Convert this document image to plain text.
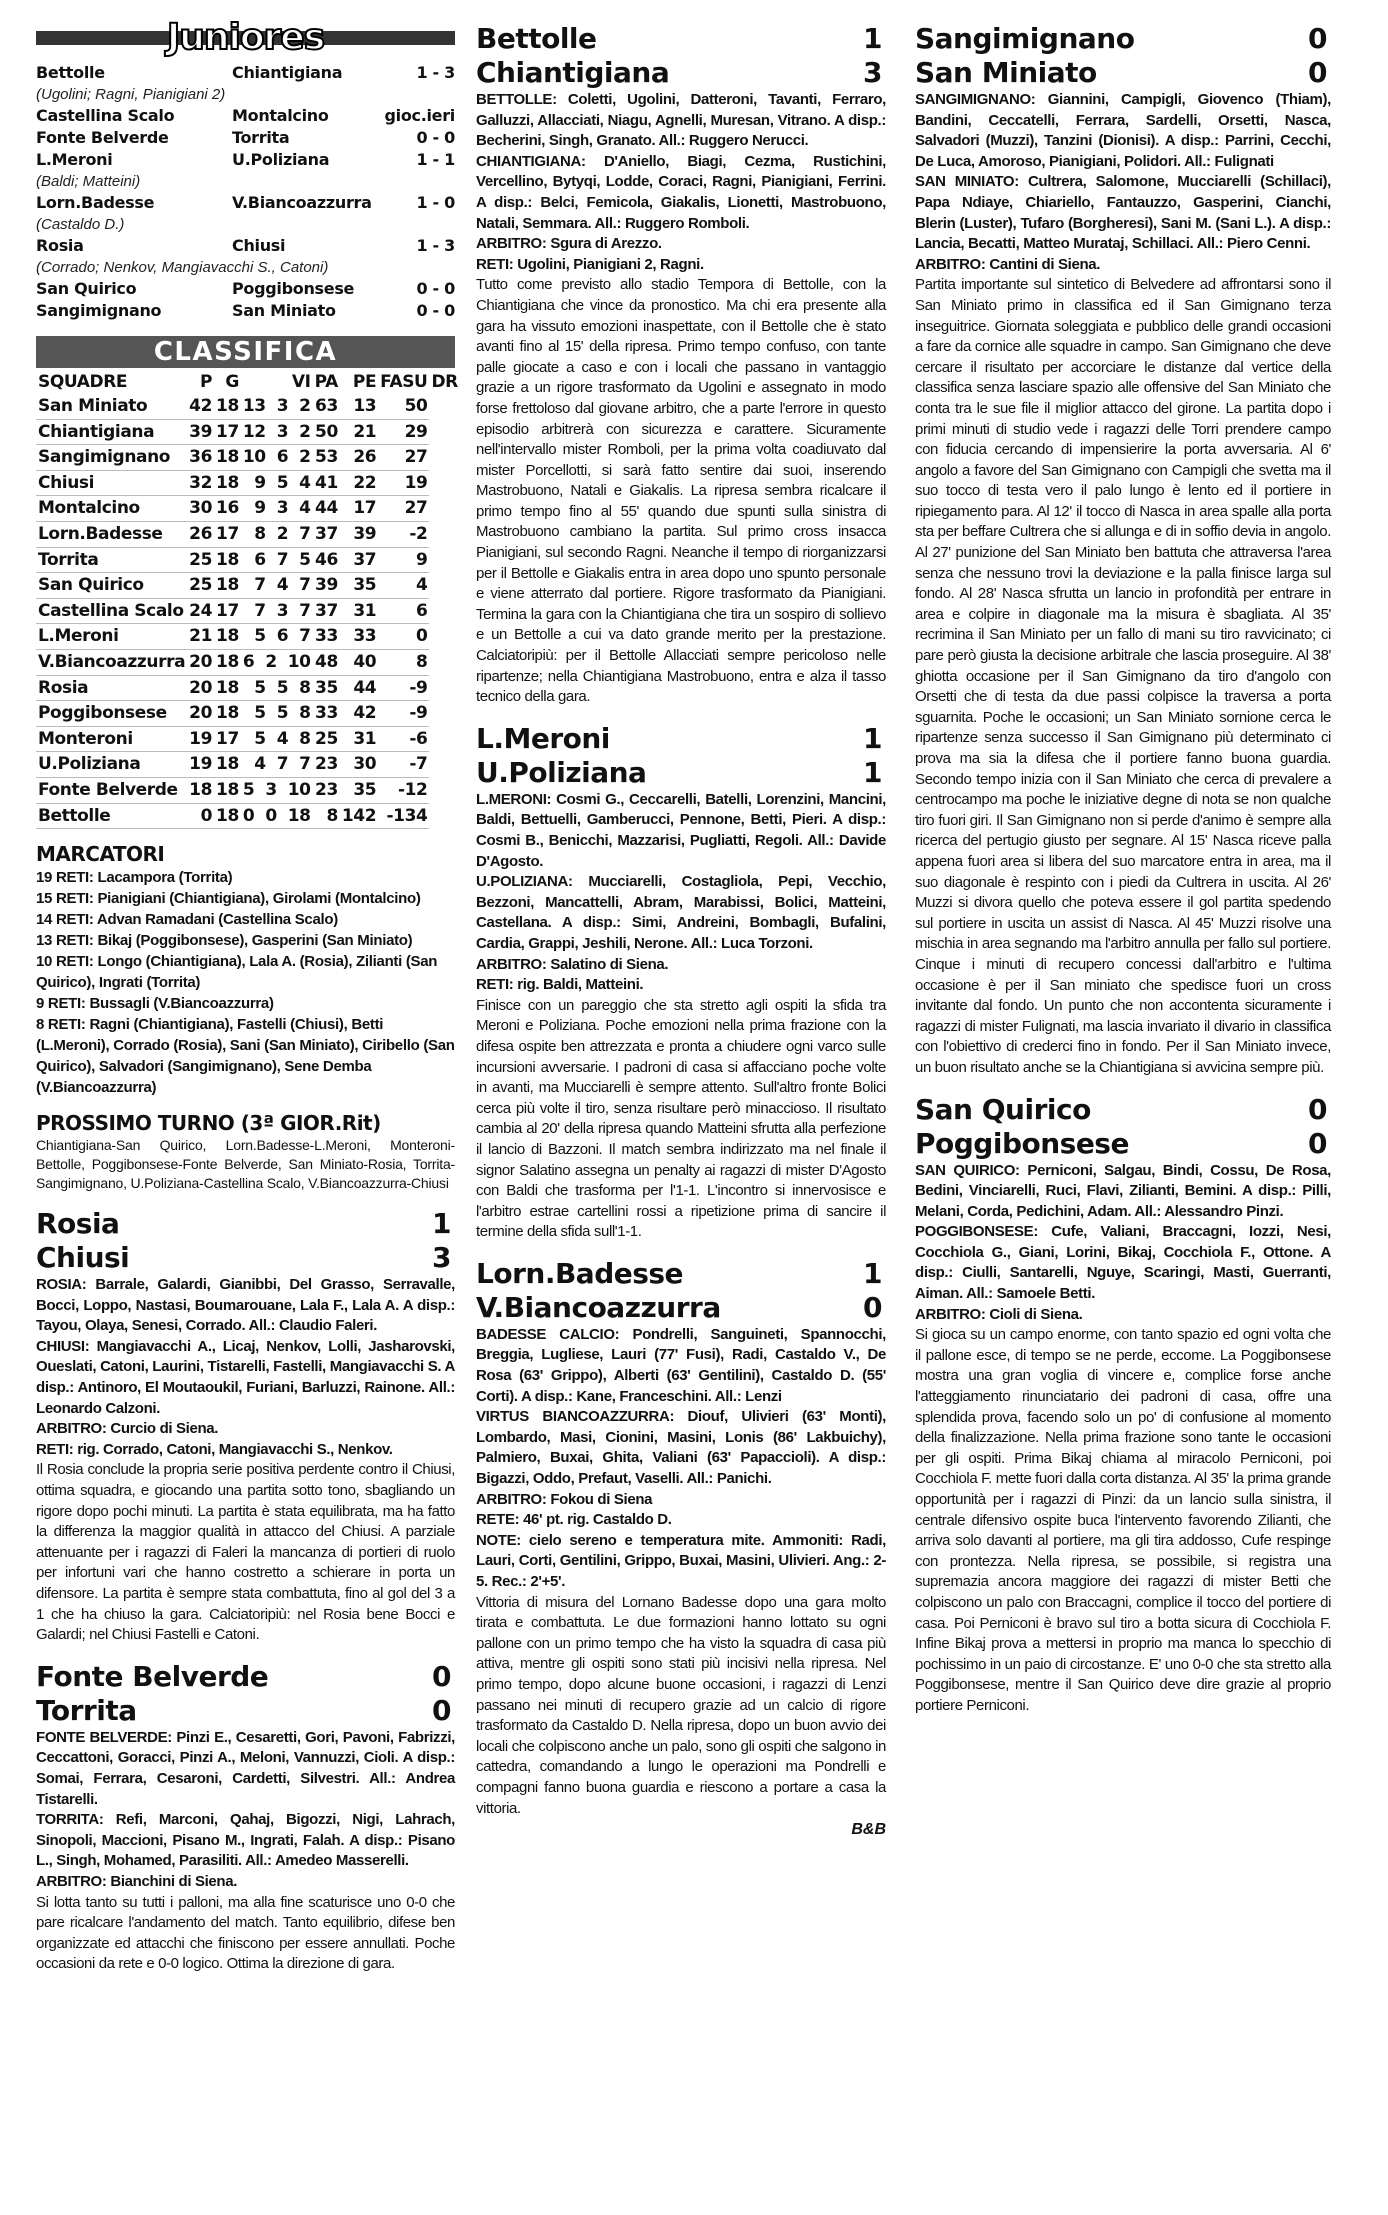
Juniores
Bettolle	Chiantigiana	1 - 3
(Ugolini; Ragni, Pianigiani 2)
Castellina Scalo	Montalcino	gioc.ieri
Fonte Belverde	Torrita	0 - 0
L.Meroni	U.Poliziana	1 - 1
(Baldi; Matteini)
Lorn.Badesse	V.Biancoazzurra	1 - 0
(Castaldo D.)
Rosia	Chiusi	1 - 3
(Corrado; Nenkov, Mangiavacchi S., Catoni)
San Quirico	Poggibonsese	0 - 0
Sangimignano	San Miniato	0 - 0
CLASSIFICA
SQUADRE	P	G	VI	PA	PE	FASU	DR
San Miniato	42	18	13 3 2	63	13	50	
Chiantigiana	39	17	12 3 2	50	21	29	
Sangimignano	36	18	10 6 2	53	26	27	
Chiusi	32	18	9 5 4	41	22	19	
Montalcino	30	16	9 3 4	44	17	27	
Lorn.Badesse	26	17	8 2 7	37	39	-2	
Torrita	25	18	6 7 5	46	37	9	
San Quirico	25	18	7 4 7	39	35	4	
Castellina Scalo	24	17	7 3 7	37	31	6	
L.Meroni	21	18	5 6 7	33	33	0	
V.Biancoazzurra	20	18	6 2 10	48	40	8	
Rosia	20	18	5 5 8	35	44	-9	
Poggibonsese	20	18	5 5 8	33	42	-9	
Monteroni	19	17	5 4 8	25	31	-6	
U.Poliziana	19	18	4 7 7	23	30	-7	
Fonte Belverde	18	18	5 3 10	23	35	-12	
Bettolle	0	18	0 0 18	8	142	-134	
MARCATORI
19 RETI: Lacampora (Torrita)
15 RETI: Pianigiani (Chiantigiana), Girolami (Montalcino)
14 RETI: Advan Ramadani (Castellina Scalo)
13 RETI: Bikaj (Poggibonsese), Gasperini (San Miniato)
10 RETI: Longo (Chiantigiana), Lala A. (Rosia), Zilianti (San Quirico), Ingrati (Torrita)
9 RETI: Bussagli (V.Biancoazzurra)
8 RETI: Ragni (Chiantigiana), Fastelli (Chiusi), Betti (L.Meroni), Corrado (Rosia), Sani (San Miniato), Ciribello (San Quirico), Salvadori (Sangimignano), Sene Demba (V.Biancoazzurra)
PROSSIMO TURNO (3ª GIOR.Rit)
Chiantigiana-San Quirico, Lorn.Badesse-L.Meroni, Monteroni-Bettolle, Poggibonsese-Fonte Belverde, San Miniato-Rosia, Torrita-Sangimignano, U.Poliziana-Castellina Scalo, V.Biancoazzurra-Chiusi
Rosia	1
Chiusi	3
ROSIA: Barrale, Galardi, Gianibbi, Del Grasso, Serravalle, Bocci, Loppo, Nastasi, Boumarouane, Lala F., Lala A. A disp.: Tayou, Olaya, Senesi, Corrado. All.: Claudio Faleri.
CHIUSI: Mangiavacchi A., Licaj, Nenkov, Lolli, Jasharovski, Oueslati, Catoni, Laurini, Tistarelli, Fastelli, Mangiavacchi S. A disp.: Antinoro, El Moutaoukil, Furiani, Barluzzi, Rainone. All.: Leonardo Calzoni.
ARBITRO: Curcio di Siena.
RETI: rig. Corrado, Catoni, Mangiavacchi S., Nenkov.
Il Rosia conclude la propria serie positiva perdente contro il Chiusi, ottima squadra, e giocando una partita sotto tono, sbagliando un rigore dopo pochi minuti. La partita è stata equilibrata, ma ha fatto la differenza la maggior qualità in attacco del Chiusi. A parziale attenuante per i ragazzi di Faleri la mancanza di portieri di ruolo per infortuni vari che hanno costretto a schierare in porta un difensore. La partita è sempre stata combattuta, fino al gol del 3 a 1 che ha chiuso la gara. Calciatoripiù: nel Rosia bene Bocci e Galardi; nel Chiusi Fastelli e Catoni.
Fonte Belverde	0
Torrita	0
FONTE BELVERDE: Pinzi E., Cesaretti, Gori, Pavoni, Fabrizzi, Ceccattoni, Goracci, Pinzi A., Meloni, Vannuzzi, Cioli. A disp.: Somai, Ferrara, Cesaroni, Cardetti, Silvestri. All.: Andrea Tistarelli.
TORRITA: Refi, Marconi, Qahaj, Bigozzi, Nigi, Lahrach, Sinopoli, Maccioni, Pisano M., Ingrati, Falah. A disp.: Pisano L., Singh, Mohamed, Parasiliti. All.: Amedeo Masserelli.
ARBITRO: Bianchini di Siena.
Si lotta tanto su tutti i palloni, ma alla fine scaturisce uno 0-0 che pare ricalcare l'andamento del match. Tanto equilibrio, difese ben organizzate ed attacchi che finiscono per essere annullati. Poche occasioni da rete e 0-0 logico. Ottima la direzione di gara.
Bettolle	1
Chiantigiana	3
BETTOLLE: Coletti, Ugolini, Datteroni, Tavanti, Ferraro, Galluzzi, Allacciati, Niagu, Agnelli, Muresan, Vitrano. A disp.: Becherini, Singh, Granato. All.: Ruggero Nerucci.
CHIANTIGIANA: D'Aniello, Biagi, Cezma, Rustichini, Vercellino, Bytyqi, Lodde, Coraci, Ragni, Pianigiani, Ferrini. A disp.: Belci, Femicola, Giakalis, Lionetti, Mastrobuono, Natali, Semmara. All.: Ruggero Romboli.
ARBITRO: Sgura di Arezzo.
RETI: Ugolini, Pianigiani 2, Ragni.
Tutto come previsto allo stadio Tempora di Bettolle, con la Chiantigiana che vince da pronostico. Ma chi era presente alla gara ha vissuto emozioni inaspettate, con il Bettolle che è stato avanti fino al 15' della ripresa. Primo tempo confuso, con tante palle giocate a caso e con i locali che passano in vantaggio grazie a un rigore trasformato da Ugolini e assegnato in modo forse frettoloso dal giovane arbitro, che a parte l'errore in questo episodio arbitrerà con sicurezza e carattere. Sicuramente nell'intervallo mister Romboli, per la prima volta coadiuvato dal mister Porcellotti, si sarà fatto sentire dai suoi, inserendo Mastrobuono, Natali e Giakalis. La ripresa sembra ricalcare il primo tempo fino al 55' quando due spunti sulla sinistra di Mastrobuono cambiano la partita. Sul primo cross insacca Pianigiani, sul secondo Ragni. Neanche il tempo di riorganizzarsi per il Bettolle e Giakalis entra in area dopo uno spunto personale e viene atterrato dal portiere. Rigore trasformato da Pianigiani. Termina la gara con la Chiantigiana che tira un sospiro di sollievo e un Bettolle a cui va dato grande merito per la prestazione. Calciatoripiù: per il Bettolle Allacciati sempre pericoloso nelle ripartenze; nella Chiantigiana Mastrobuono, entra e alza il tasso tecnico della gara.
L.Meroni	1
U.Poliziana	1
L.MERONI: Cosmi G., Ceccarelli, Batelli, Lorenzini, Mancini, Baldi, Bettuelli, Gamberucci, Pennone, Betti, Pieri. A disp.: Cosmi B., Benicchi, Mazzarisi, Pugliatti, Regoli. All.: Davide D'Agosto.
U.POLIZIANA: Mucciarelli, Costagliola, Pepi, Vecchio, Bezzoni, Mancattelli, Abram, Marabissi, Bolici, Matteini, Castellana. A disp.: Simi, Andreini, Bombagli, Bufalini, Cardia, Grappi, Jeshili, Nerone. All.: Luca Torzoni.
ARBITRO: Salatino di Siena.
RETI: rig. Baldi, Matteini.
Finisce con un pareggio che sta stretto agli ospiti la sfida tra Meroni e Poliziana. Poche emozioni nella prima frazione con la difesa ospite ben attrezzata e pronta a chiudere ogni varco sulle incursioni avversarie. I padroni di casa si affacciano poche volte in avanti, ma Mucciarelli è sempre attento. Sull'altro fronte Bolici cerca più volte il tiro, senza risultare però minaccioso. Il risultato cambia al 20' della ripresa quando Matteini sfrutta alla perfezione il lancio di Bazzoni. Il match sembra indirizzato ma nel finale il signor Salatino assegna un penalty ai ragazzi di mister D'Agosto con Baldi che trasforma per l'1-1. L'incontro si innervosisce e l'arbitro estrae cartellini rossi a ripetizione prima di sancire il termine della sfida sull'1-1.
Lorn.Badesse	1
V.Biancoazzurra	0
BADESSE CALCIO: Pondrelli, Sanguineti, Spannocchi, Breggia, Lugliese, Lauri (77' Fusi), Radi, Castaldo V., De Rosa (63' Grippo), Alberti (63' Gentilini), Castaldo D. (55' Corti). A disp.: Kane, Franceschini. All.: Lenzi
VIRTUS BIANCOAZZURRA: Diouf, Ulivieri (63' Monti), Lombardo, Masi, Cionini, Masini, Lonis (86' Lakbuichy), Palmiero, Buxai, Ghita, Valiani (63' Papaccioli). A disp.: Bigazzi, Oddo, Prefaut, Vaselli. All.: Panichi.
ARBITRO: Fokou di Siena
RETE: 46' pt. rig. Castaldo D.
NOTE: cielo sereno e temperatura mite. Ammoniti: Radi, Lauri, Corti, Gentilini, Grippo, Buxai, Masini, Ulivieri. Ang.: 2-5. Rec.: 2'+5'.
Vittoria di misura del Lornano Badesse dopo una gara molto tirata e combattuta. Le due formazioni hanno lottato su ogni pallone con un primo tempo che ha visto la squadra di casa più attiva, mentre gli ospiti sono stati più incisivi nella ripresa. Nel primo tempo, dopo alcune buone occasioni, i ragazzi di Lenzi passano nei minuti di recupero grazie ad un calcio di rigore trasformato da Castaldo D. Nella ripresa, dopo un buon avvio dei locali che colpiscono anche un palo, sono gli ospiti che salgono in cattedra, comandando a lungo le operazioni ma Pondrelli e compagni fanno buona guardia e riescono a portare a casa la vittoria.
B&B
Sangimignano	0
San Miniato	0
SANGIMIGNANO: Giannini, Campigli, Giovenco (Thiam), Bandini, Ceccatelli, Ferrara, Sardelli, Orsetti, Nasca, Salvadori (Muzzi), Tanzini (Dionisi). A disp.: Parrini, Cecchi, De Luca, Amoroso, Pianigiani, Polidori. All.: Fulignati
SAN MINIATO: Cultrera, Salomone, Mucciarelli (Schillaci), Papa Ndiaye, Chiariello, Fantauzzo, Gasperini, Cianchi, Blerin (Luster), Tufaro (Borgheresi), Sani M. (Sani L.). A disp.: Lancia, Becatti, Matteo Murataj, Schillaci. All.: Piero Cenni.
ARBITRO: Cantini di Siena.
Partita importante sul sintetico di Belvedere ad affrontarsi sono il San Miniato primo in classifica ed il San Gimignano terza inseguitrice. Giornata soleggiata e pubblico delle grandi occasioni a fare da cornice alle squadre in campo. San Gimignano che deve cercare il risultato per accorciare le distanze dal vertice della classifica senza lasciare spazio alle offensive del San Miniato che conta tra le sue file il miglior attacco del girone. La partita dopo i primi minuti di studio vede i ragazzi delle Torri prendere campo con fiducia cercando di impensierire la porta avversaria. Al 6' angolo a favore del San Gimignano con Campigli che svetta ma il suo tocco di testa vero il palo lungo è lento ed il portiere in ripiegamento para. Al 12' il tocco di Nasca in area spalle alla porta sta per beffare Cultrera che si allunga e di in soffio devia in angolo. Al 27' punizione del San Miniato ben battuta che attraversa l'area senza che nessuno trovi la deviazione e la palla finisce larga sul fondo. Al 28' Nasca sfrutta un lancio in profondità per entrare in area e colpire in diagonale ma la misura è sbagliata. Al 35' recrimina il San Miniato per un fallo di mani su tiro ravvicinato; ci pare però giusta la decisione arbitrale che lascia proseguire. Al 38' ghiotta occasione per il San Gimignano da tiro d'angolo con Orsetti che di testa da due passi colpisce la traversa a porta sguarnita. Poche le occasioni; un San Miniato sornione cerca le ripartenze senza successo il San Gimignano più determinato ci prova ma sia la difesa che il portiere fanno buona guardia. Secondo tempo inizia con il San Miniato che cerca di prevalere a centrocampo ma poche le iniziative degne di nota se non qualche tiro fuori giri. Il San Gimignano non si perde d'animo è sempre alla ricerca del pertugio giusto per segnare. Al 15' Nasca riceve palla appena fuori area si libera del suo marcatore entra in area, ma il suo diagonale è respinto con i piedi da Cultrera in uscita. Al 26' Muzzi si divora quello che poteva essere il gol partita spedendo sul portiere in uscita un assist di Nasca. Al 45' Muzzi risolve una mischia in area segnando ma l'arbitro annulla per fallo sul portiere. Cinque i minuti di recupero concessi dall'arbitro e l'ultima occasione è per il San miniato che spedisce fuori un cross invitante dal fondo. Un punto che non accontenta sicuramente i ragazzi di mister Fulignati, ma lascia invariato il divario in classifica con l'obiettivo di crederci fino in fondo. Per il San Miniato invece, un buon risultato anche se la Chiantigiana si avvicina sempre più.
San Quirico	0
Poggibonsese	0
SAN QUIRICO: Perniconi, Salgau, Bindi, Cossu, De Rosa, Bedini, Vinciarelli, Ruci, Flavi, Zilianti, Bemini. A disp.: Pilli, Melani, Corda, Pedichini, Adam. All.: Alessandro Pinzi.
POGGIBONSESE: Cufe, Valiani, Braccagni, Iozzi, Nesi, Cocchiola G., Giani, Lorini, Bikaj, Cocchiola F., Ottone. A disp.: Ciulli, Santarelli, Nguye, Scaringi, Masti, Guerranti, Aiman. All.: Samoele Betti.
ARBITRO: Cioli di Siena.
Si gioca su un campo enorme, con tanto spazio ed ogni volta che il pallone esce, di tempo se ne perde, eccome. La Poggibonsese mostra una gran voglia di vincere e, complice forse anche l'atteggiamento rinunciatario dei padroni di casa, offre una splendida prova, facendo solo un po' di confusione al momento della finalizzazione. Nella prima frazione sono tante le occasioni per gli ospiti. Prima Bikaj chiama al miracolo Perniconi, poi Cocchiola F. mette fuori dalla corta distanza. Al 35' la prima grande opportunità per i ragazzi di Pinzi: da un lancio sulla sinistra, il centrale difensivo ospite buca l'intervento favorendo Zilianti, che arriva solo davanti al portiere, ma gli tira addosso, Cufe respinge con prontezza. Nella ripresa, se possibile, si registra una supremazia ancora maggiore dei ragazzi di mister Betti che colpiscono un palo con Braccagni, complice il tocco del portiere di casa. Poi Perniconi è bravo sul tiro a botta sicura di Cocchiola F. Infine Bikaj prova a mettersi in proprio ma manca lo specchio di pochissimo in un paio di circostanze. E' uno 0-0 che sta stretto alla Poggibonsese, mentre il San Quirico deve dire grazie al proprio portiere Perniconi.
